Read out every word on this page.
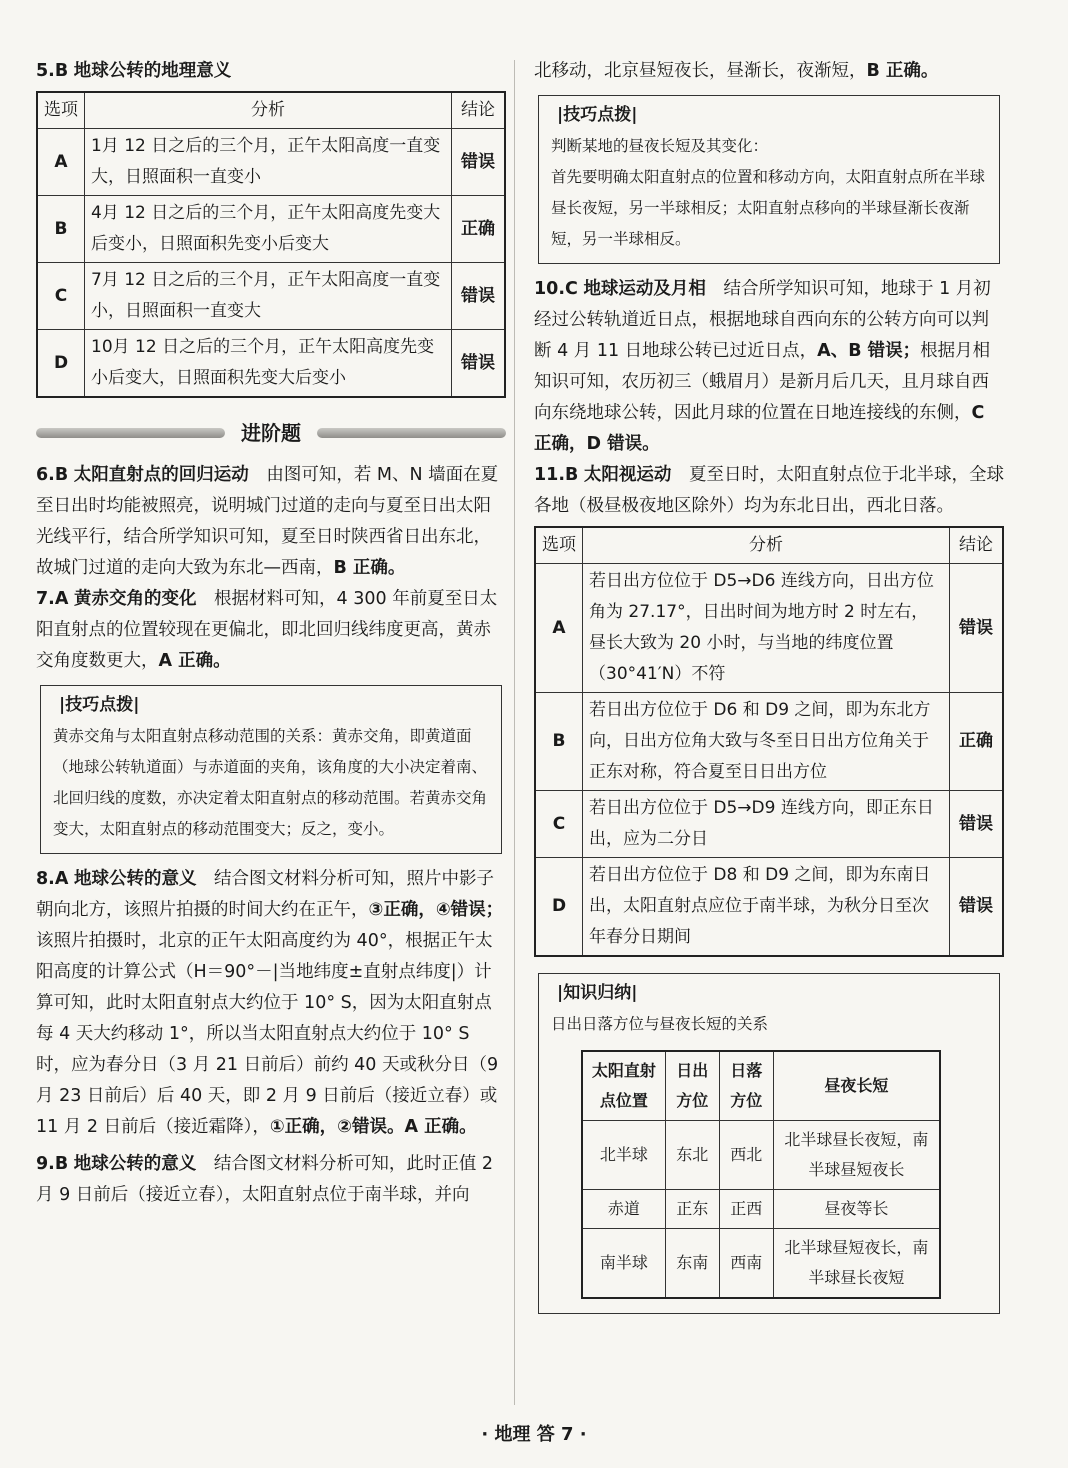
5.B 地球公转的地理意义

选项	分析	结论
A	1月 12 日之后的三个月，正午太阳高度一直变大，日照面积一直变小	错误
B	4月 12 日之后的三个月，正午太阳高度先变大后变小，日照面积先变小后变大	正确
C	7月 12 日之后的三个月，正午太阳高度一直变小，日照面积一直变大	错误
D	10月 12 日之后的三个月，正午太阳高度先变小后变大，日照面积先变大后变小	错误
进阶题

6.B 太阳直射点的回归运动 由图可知，若 M、N 墙面在夏至日出时均能被照亮，说明城门过道的走向与夏至日出太阳光线平行，结合所学知识可知，夏至日时陕西省日出东北，故城门过道的走向大致为东北—西南，B 正确。

7.A 黄赤交角的变化 根据材料可知，4 300 年前夏至日太阳直射点的位置较现在更偏北，即北回归线纬度更高，黄赤交角度数更大，A 正确。

|技巧点拨|
黄赤交角与太阳直射点移动范围的关系：黄赤交角，即黄道面（地球公转轨道面）与赤道面的夹角，该角度的大小决定着南、北回归线的度数，亦决定着太阳直射点的移动范围。若黄赤交角变大，太阳直射点的移动范围变大；反之，变小。

8.A 地球公转的意义 结合图文材料分析可知，照片中影子朝向北方，该照片拍摄的时间大约在正午，③正确，④错误；该照片拍摄时，北京的正午太阳高度约为 40°，根据正午太阳高度的计算公式（H＝90°－|当地纬度±直射点纬度|）计算可知，此时太阳直射点大约位于 10° S，因为太阳直射点每 4 天大约移动 1°，所以当太阳直射点大约位于 10° S 时，应为春分日（3 月 21 日前后）前约 40 天或秋分日（9 月 23 日前后）后 40 天，即 2 月 9 日前后（接近立春）或 11 月 2 日前后（接近霜降），①正确，②错误。A 正确。

9.B 地球公转的意义 结合图文材料分析可知，此时正值 2 月 9 日前后（接近立春），太阳直射点位于南半球，并向

北移动，北京昼短夜长，昼渐长，夜渐短，B 正确。

|技巧点拨|
判断某地的昼夜长短及其变化：
首先要明确太阳直射点的位置和移动方向，太阳直射点所在半球昼长夜短，另一半球相反；太阳直射点移向的半球昼渐长夜渐短，另一半球相反。

10.C 地球运动及月相 结合所学知识可知，地球于 1 月初经过公转轨道近日点，根据地球自西向东的公转方向可以判断 4 月 11 日地球公转已过近日点，A、B 错误；根据月相知识可知，农历初三（蛾眉月）是新月后几天，且月球自西向东绕地球公转，因此月球的位置在日地连接线的东侧，C 正确，D 错误。

11.B 太阳视运动 夏至日时，太阳直射点位于北半球，全球各地（极昼极夜地区除外）均为东北日出，西北日落。

选项	分析	结论
A	若日出方位位于 D5→D6 连线方向，日出方位角为 27.17°，日出时间为地方时 2 时左右，昼长大致为 20 小时，与当地的纬度位置（30°41′N）不符	错误
B	若日出方位位于 D6 和 D9 之间，即为东北方向，日出方位角大致与冬至日日出方位角关于正东对称，符合夏至日日出方位	正确
C	若日出方位位于 D5→D9 连线方向，即正东日出，应为二分日	错误
D	若日出方位位于 D8 和 D9 之间，即为东南日出，太阳直射点应位于南半球，为秋分日至次年春分日期间	错误
|知识归纳|
日出日落方位与昼夜长短的关系
太阳直射点位置	日出方位	日落方位	昼夜长短
北半球	东北	西北	北半球昼长夜短，南半球昼短夜长
赤道	正东	正西	昼夜等长
南半球	东南	西南	北半球昼短夜长，南半球昼长夜短
· 地理 答 7 ·
